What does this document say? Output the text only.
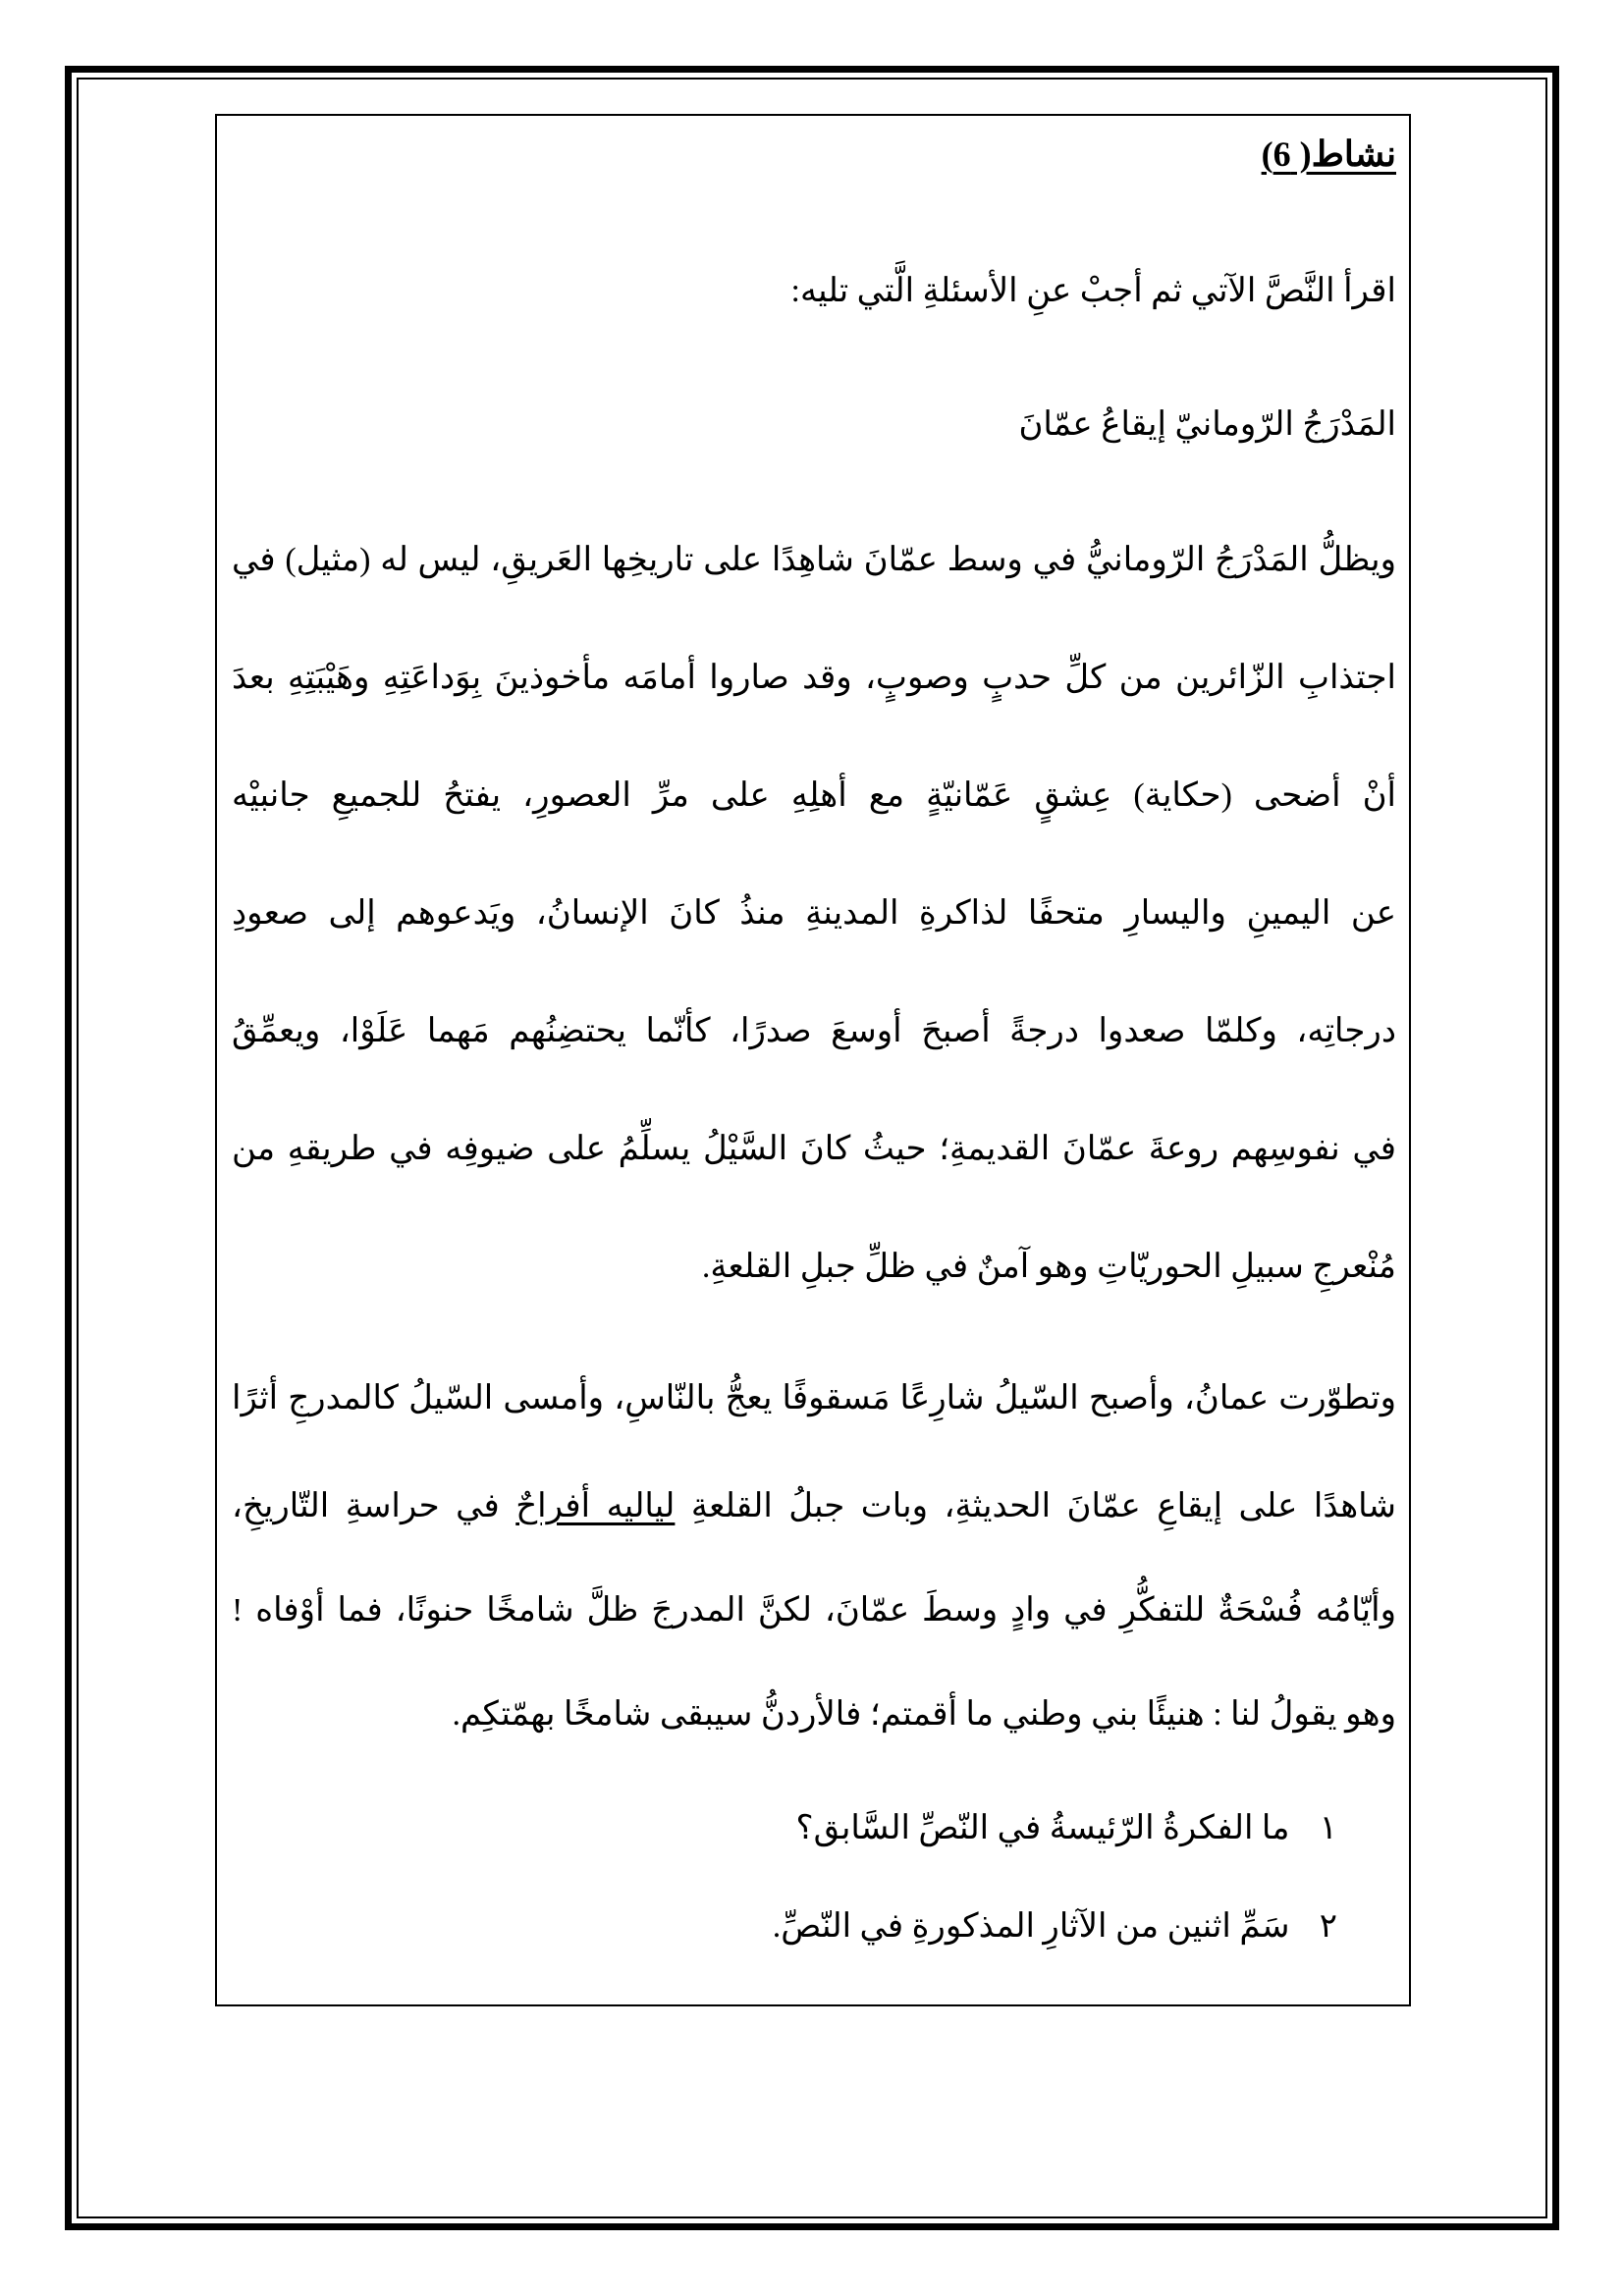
نشاط( 6)
اقرأ النَّصَّ الآتي ثم أجبْ عنِ الأسئلةِ الَّتي تليه:
المَدْرَجُ الرّومانيّ إيقاعُ عمّانَ
ويظلُّ المَدْرَجُ الرّومانيُّ في وسط عمّانَ شاهِدًا على تاريخِها العَريقِ، ليس له (مثيل) في
اجتذابِ الزّائرين من كلِّ حدبٍ وصوبٍ، وقد صاروا أمامَه مأخوذينَ بِوَداعَتِهِ وهَيْبَتِهِ بعدَ
أنْ أضحى (حكاية) عِشقٍ عَمّانيّةٍ مع أهلِهِ على مرِّ العصورِ، يفتحُ للجميعِ جانبيْه
عن اليمينِ واليسارِ متحفًا لذاكرةِ المدينةِ منذُ كانَ الإنسانُ، ويَدعوهم إلى صعودِ
درجاتِه، وكلمّا صعدوا درجةً أصبحَ أوسعَ صدرًا، كأنّما يحتضِنُهم مَهما عَلَوْا، ويعمِّقُ
في نفوسِهم روعةَ عمّانَ القديمةِ؛ حيثُ كانَ السَّيْلُ يسلِّمُ على ضيوفِه في طريقهِ من
مُنْعرجِ سبيلِ الحوريّاتِ وهو آمنٌ في ظلِّ جبلِ القلعةِ.
وتطوّرت عمانُ، وأصبح السّيلُ شارِعًا مَسقوفًا يعجُّ بالنّاسِ، وأمسى السّيلُ كالمدرجِ أثرًا
شاهدًا على إيقاعِ عمّانَ الحديثةِ، وبات جبلُ القلعةِ لياليه أفراحٌ في حراسةِ التّاريخِ،
وأيّامُه فُسْحَةٌ للتفكُّرِ في وادٍ وسطَ عمّانَ، لكنَّ المدرجَ ظلَّ شامخًا حنونًا، فما أوْفاه !
وهو يقولُ لنا : هنيئًا بني وطني ما أقمتم؛ فالأردنُّ سيبقى شامخًا بهمّتكِم.
١ ما الفكرةُ الرّئيسةُ في النّصِّ السَّابق؟
٢ سَمِّ اثنين من الآثارِ المذكورةِ في النّصِّ.
